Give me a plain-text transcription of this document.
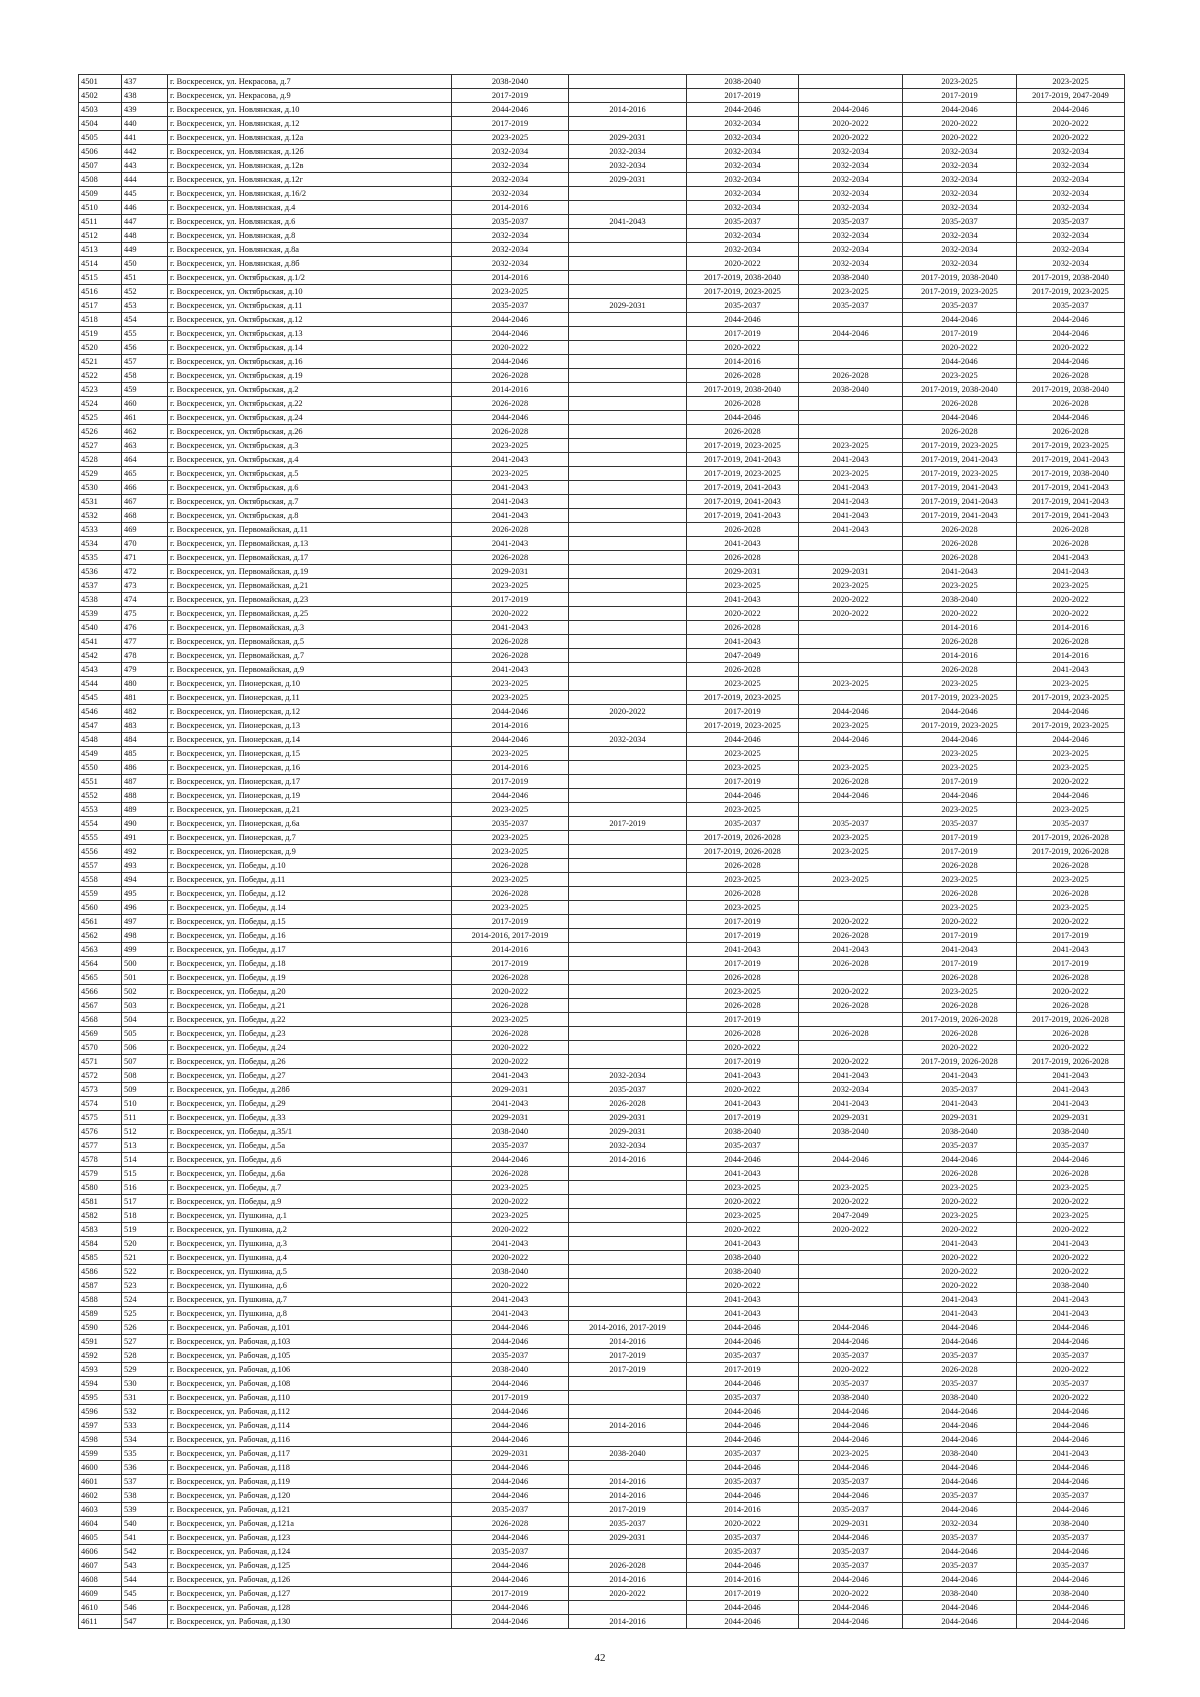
4501	437	г. Воскресенск, ул. Некрасова, д.7	2038-2040		2038-2040		2023-2025	2023-2025
4502	438	г. Воскресенск, ул. Некрасова, д.9	2017-2019		2017-2019		2017-2019	2017-2019, 2047-2049
4503	439	г. Воскресенск, ул. Новлянская, д.10	2044-2046	2014-2016	2044-2046	2044-2046	2044-2046	2044-2046
4504	440	г. Воскресенск, ул. Новлянская, д.12	2017-2019		2032-2034	2020-2022	2020-2022	2020-2022
4505	441	г. Воскресенск, ул. Новлянская, д.12а	2023-2025	2029-2031	2032-2034	2020-2022	2020-2022	2020-2022
4506	442	г. Воскресенск, ул. Новлянская, д.12б	2032-2034	2032-2034	2032-2034	2032-2034	2032-2034	2032-2034
4507	443	г. Воскресенск, ул. Новлянская, д.12в	2032-2034	2032-2034	2032-2034	2032-2034	2032-2034	2032-2034
4508	444	г. Воскресенск, ул. Новлянская, д.12г	2032-2034	2029-2031	2032-2034	2032-2034	2032-2034	2032-2034
4509	445	г. Воскресенск, ул. Новлянская, д.16/2	2032-2034		2032-2034	2032-2034	2032-2034	2032-2034
4510	446	г. Воскресенск, ул. Новлянская, д.4	2014-2016		2032-2034	2032-2034	2032-2034	2032-2034
4511	447	г. Воскресенск, ул. Новлянская, д.6	2035-2037	2041-2043	2035-2037	2035-2037	2035-2037	2035-2037
4512	448	г. Воскресенск, ул. Новлянская, д.8	2032-2034		2032-2034	2032-2034	2032-2034	2032-2034
4513	449	г. Воскресенск, ул. Новлянская, д.8а	2032-2034		2032-2034	2032-2034	2032-2034	2032-2034
4514	450	г. Воскресенск, ул. Новлянская, д.8б	2032-2034		2020-2022	2032-2034	2032-2034	2032-2034
4515	451	г. Воскресенск, ул. Октябрьская, д.1/2	2014-2016		2017-2019, 2038-2040	2038-2040	2017-2019, 2038-2040	2017-2019, 2038-2040
4516	452	г. Воскресенск, ул. Октябрьская, д.10	2023-2025		2017-2019, 2023-2025	2023-2025	2017-2019, 2023-2025	2017-2019, 2023-2025
4517	453	г. Воскресенск, ул. Октябрьская, д.11	2035-2037	2029-2031	2035-2037	2035-2037	2035-2037	2035-2037
4518	454	г. Воскресенск, ул. Октябрьская, д.12	2044-2046		2044-2046		2044-2046	2044-2046
4519	455	г. Воскресенск, ул. Октябрьская, д.13	2044-2046		2017-2019	2044-2046	2017-2019	2044-2046
4520	456	г. Воскресенск, ул. Октябрьская, д.14	2020-2022		2020-2022		2020-2022	2020-2022
4521	457	г. Воскресенск, ул. Октябрьская, д.16	2044-2046		2014-2016		2044-2046	2044-2046
4522	458	г. Воскресенск, ул. Октябрьская, д.19	2026-2028		2026-2028	2026-2028	2023-2025	2026-2028
4523	459	г. Воскресенск, ул. Октябрьская, д.2	2014-2016		2017-2019, 2038-2040	2038-2040	2017-2019, 2038-2040	2017-2019, 2038-2040
4524	460	г. Воскресенск, ул. Октябрьская, д.22	2026-2028		2026-2028		2026-2028	2026-2028
4525	461	г. Воскресенск, ул. Октябрьская, д.24	2044-2046		2044-2046		2044-2046	2044-2046
4526	462	г. Воскресенск, ул. Октябрьская, д.26	2026-2028		2026-2028		2026-2028	2026-2028
4527	463	г. Воскресенск, ул. Октябрьская, д.3	2023-2025		2017-2019, 2023-2025	2023-2025	2017-2019, 2023-2025	2017-2019, 2023-2025
4528	464	г. Воскресенск, ул. Октябрьская, д.4	2041-2043		2017-2019, 2041-2043	2041-2043	2017-2019, 2041-2043	2017-2019, 2041-2043
4529	465	г. Воскресенск, ул. Октябрьская, д.5	2023-2025		2017-2019, 2023-2025	2023-2025	2017-2019, 2023-2025	2017-2019, 2038-2040
4530	466	г. Воскресенск, ул. Октябрьская, д.6	2041-2043		2017-2019, 2041-2043	2041-2043	2017-2019, 2041-2043	2017-2019, 2041-2043
4531	467	г. Воскресенск, ул. Октябрьская, д.7	2041-2043		2017-2019, 2041-2043	2041-2043	2017-2019, 2041-2043	2017-2019, 2041-2043
4532	468	г. Воскресенск, ул. Октябрьская, д.8	2041-2043		2017-2019, 2041-2043	2041-2043	2017-2019, 2041-2043	2017-2019, 2041-2043
4533	469	г. Воскресенск, ул. Первомайская, д.11	2026-2028		2026-2028	2041-2043	2026-2028	2026-2028
4534	470	г. Воскресенск, ул. Первомайская, д.13	2041-2043		2041-2043		2026-2028	2026-2028
4535	471	г. Воскресенск, ул. Первомайская, д.17	2026-2028		2026-2028		2026-2028	2041-2043
4536	472	г. Воскресенск, ул. Первомайская, д.19	2029-2031		2029-2031	2029-2031	2041-2043	2041-2043
4537	473	г. Воскресенск, ул. Первомайская, д.21	2023-2025		2023-2025	2023-2025	2023-2025	2023-2025
4538	474	г. Воскресенск, ул. Первомайская, д.23	2017-2019		2041-2043	2020-2022	2038-2040	2020-2022
4539	475	г. Воскресенск, ул. Первомайская, д.25	2020-2022		2020-2022	2020-2022	2020-2022	2020-2022
4540	476	г. Воскресенск, ул. Первомайская, д.3	2041-2043		2026-2028		2014-2016	2014-2016
4541	477	г. Воскресенск, ул. Первомайская, д.5	2026-2028		2041-2043		2026-2028	2026-2028
4542	478	г. Воскресенск, ул. Первомайская, д.7	2026-2028		2047-2049		2014-2016	2014-2016
4543	479	г. Воскресенск, ул. Первомайская, д.9	2041-2043		2026-2028		2026-2028	2041-2043
4544	480	г. Воскресенск, ул. Пионерская, д.10	2023-2025		2023-2025	2023-2025	2023-2025	2023-2025
4545	481	г. Воскресенск, ул. Пионерская, д.11	2023-2025		2017-2019, 2023-2025		2017-2019, 2023-2025	2017-2019, 2023-2025
4546	482	г. Воскресенск, ул. Пионерская, д.12	2044-2046	2020-2022	2017-2019	2044-2046	2044-2046	2044-2046
4547	483	г. Воскресенск, ул. Пионерская, д.13	2014-2016		2017-2019, 2023-2025	2023-2025	2017-2019, 2023-2025	2017-2019, 2023-2025
4548	484	г. Воскресенск, ул. Пионерская, д.14	2044-2046	2032-2034	2044-2046	2044-2046	2044-2046	2044-2046
4549	485	г. Воскресенск, ул. Пионерская, д.15	2023-2025		2023-2025		2023-2025	2023-2025
4550	486	г. Воскресенск, ул. Пионерская, д.16	2014-2016		2023-2025	2023-2025	2023-2025	2023-2025
4551	487	г. Воскресенск, ул. Пионерская, д.17	2017-2019		2017-2019	2026-2028	2017-2019	2020-2022
4552	488	г. Воскресенск, ул. Пионерская, д.19	2044-2046		2044-2046	2044-2046	2044-2046	2044-2046
4553	489	г. Воскресенск, ул. Пионерская, д.21	2023-2025		2023-2025		2023-2025	2023-2025
4554	490	г. Воскресенск, ул. Пионерская, д.6а	2035-2037	2017-2019	2035-2037	2035-2037	2035-2037	2035-2037
4555	491	г. Воскресенск, ул. Пионерская, д.7	2023-2025		2017-2019, 2026-2028	2023-2025	2017-2019	2017-2019, 2026-2028
4556	492	г. Воскресенск, ул. Пионерская, д.9	2023-2025		2017-2019, 2026-2028	2023-2025	2017-2019	2017-2019, 2026-2028
4557	493	г. Воскресенск, ул. Победы, д.10	2026-2028		2026-2028		2026-2028	2026-2028
4558	494	г. Воскресенск, ул. Победы, д.11	2023-2025		2023-2025	2023-2025	2023-2025	2023-2025
4559	495	г. Воскресенск, ул. Победы, д.12	2026-2028		2026-2028		2026-2028	2026-2028
4560	496	г. Воскресенск, ул. Победы, д.14	2023-2025		2023-2025		2023-2025	2023-2025
4561	497	г. Воскресенск, ул. Победы, д.15	2017-2019		2017-2019	2020-2022	2020-2022	2020-2022
4562	498	г. Воскресенск, ул. Победы, д.16	2014-2016, 2017-2019		2017-2019	2026-2028	2017-2019	2017-2019
4563	499	г. Воскресенск, ул. Победы, д.17	2014-2016		2041-2043	2041-2043	2041-2043	2041-2043
4564	500	г. Воскресенск, ул. Победы, д.18	2017-2019		2017-2019	2026-2028	2017-2019	2017-2019
4565	501	г. Воскресенск, ул. Победы, д.19	2026-2028		2026-2028		2026-2028	2026-2028
4566	502	г. Воскресенск, ул. Победы, д.20	2020-2022		2023-2025	2020-2022	2023-2025	2020-2022
4567	503	г. Воскресенск, ул. Победы, д.21	2026-2028		2026-2028	2026-2028	2026-2028	2026-2028
4568	504	г. Воскресенск, ул. Победы, д.22	2023-2025		2017-2019		2017-2019, 2026-2028	2017-2019, 2026-2028
4569	505	г. Воскресенск, ул. Победы, д.23	2026-2028		2026-2028	2026-2028	2026-2028	2026-2028
4570	506	г. Воскресенск, ул. Победы, д.24	2020-2022		2020-2022		2020-2022	2020-2022
4571	507	г. Воскресенск, ул. Победы, д.26	2020-2022		2017-2019	2020-2022	2017-2019, 2026-2028	2017-2019, 2026-2028
4572	508	г. Воскресенск, ул. Победы, д.27	2041-2043	2032-2034	2041-2043	2041-2043	2041-2043	2041-2043
4573	509	г. Воскресенск, ул. Победы, д.28б	2029-2031	2035-2037	2020-2022	2032-2034	2035-2037	2041-2043
4574	510	г. Воскресенск, ул. Победы, д.29	2041-2043	2026-2028	2041-2043	2041-2043	2041-2043	2041-2043
4575	511	г. Воскресенск, ул. Победы, д.33	2029-2031	2029-2031	2017-2019	2029-2031	2029-2031	2029-2031
4576	512	г. Воскресенск, ул. Победы, д.35/1	2038-2040	2029-2031	2038-2040	2038-2040	2038-2040	2038-2040
4577	513	г. Воскресенск, ул. Победы, д.5а	2035-2037	2032-2034	2035-2037		2035-2037	2035-2037
4578	514	г. Воскресенск, ул. Победы, д.6	2044-2046	2014-2016	2044-2046	2044-2046	2044-2046	2044-2046
4579	515	г. Воскресенск, ул. Победы, д.6а	2026-2028		2041-2043		2026-2028	2026-2028
4580	516	г. Воскресенск, ул. Победы, д.7	2023-2025		2023-2025	2023-2025	2023-2025	2023-2025
4581	517	г. Воскресенск, ул. Победы, д.9	2020-2022		2020-2022	2020-2022	2020-2022	2020-2022
4582	518	г. Воскресенск, ул. Пушкина, д.1	2023-2025		2023-2025	2047-2049	2023-2025	2023-2025
4583	519	г. Воскресенск, ул. Пушкина, д.2	2020-2022		2020-2022	2020-2022	2020-2022	2020-2022
4584	520	г. Воскресенск, ул. Пушкина, д.3	2041-2043		2041-2043		2041-2043	2041-2043
4585	521	г. Воскресенск, ул. Пушкина, д.4	2020-2022		2038-2040		2020-2022	2020-2022
4586	522	г. Воскресенск, ул. Пушкина, д.5	2038-2040		2038-2040		2020-2022	2020-2022
4587	523	г. Воскресенск, ул. Пушкина, д.6	2020-2022		2020-2022		2020-2022	2038-2040
4588	524	г. Воскресенск, ул. Пушкина, д.7	2041-2043		2041-2043		2041-2043	2041-2043
4589	525	г. Воскресенск, ул. Пушкина, д.8	2041-2043		2041-2043		2041-2043	2041-2043
4590	526	г. Воскресенск, ул. Рабочая, д.101	2044-2046	2014-2016, 2017-2019	2044-2046	2044-2046	2044-2046	2044-2046
4591	527	г. Воскресенск, ул. Рабочая, д.103	2044-2046	2014-2016	2044-2046	2044-2046	2044-2046	2044-2046
4592	528	г. Воскресенск, ул. Рабочая, д.105	2035-2037	2017-2019	2035-2037	2035-2037	2035-2037	2035-2037
4593	529	г. Воскресенск, ул. Рабочая, д.106	2038-2040	2017-2019	2017-2019	2020-2022	2026-2028	2020-2022
4594	530	г. Воскресенск, ул. Рабочая, д.108	2044-2046		2044-2046	2035-2037	2035-2037	2035-2037
4595	531	г. Воскресенск, ул. Рабочая, д.110	2017-2019		2035-2037	2038-2040	2038-2040	2020-2022
4596	532	г. Воскресенск, ул. Рабочая, д.112	2044-2046		2044-2046	2044-2046	2044-2046	2044-2046
4597	533	г. Воскресенск, ул. Рабочая, д.114	2044-2046	2014-2016	2044-2046	2044-2046	2044-2046	2044-2046
4598	534	г. Воскресенск, ул. Рабочая, д.116	2044-2046		2044-2046	2044-2046	2044-2046	2044-2046
4599	535	г. Воскресенск, ул. Рабочая, д.117	2029-2031	2038-2040	2035-2037	2023-2025	2038-2040	2041-2043
4600	536	г. Воскресенск, ул. Рабочая, д.118	2044-2046		2044-2046	2044-2046	2044-2046	2044-2046
4601	537	г. Воскресенск, ул. Рабочая, д.119	2044-2046	2014-2016	2035-2037	2035-2037	2044-2046	2044-2046
4602	538	г. Воскресенск, ул. Рабочая, д.120	2044-2046	2014-2016	2044-2046	2044-2046	2035-2037	2035-2037
4603	539	г. Воскресенск, ул. Рабочая, д.121	2035-2037	2017-2019	2014-2016	2035-2037	2044-2046	2044-2046
4604	540	г. Воскресенск, ул. Рабочая, д.121а	2026-2028	2035-2037	2020-2022	2029-2031	2032-2034	2038-2040
4605	541	г. Воскресенск, ул. Рабочая, д.123	2044-2046	2029-2031	2035-2037	2044-2046	2035-2037	2035-2037
4606	542	г. Воскресенск, ул. Рабочая, д.124	2035-2037		2035-2037	2035-2037	2044-2046	2044-2046
4607	543	г. Воскресенск, ул. Рабочая, д.125	2044-2046	2026-2028	2044-2046	2035-2037	2035-2037	2035-2037
4608	544	г. Воскресенск, ул. Рабочая, д.126	2044-2046	2014-2016	2014-2016	2044-2046	2044-2046	2044-2046
4609	545	г. Воскресенск, ул. Рабочая, д.127	2017-2019	2020-2022	2017-2019	2020-2022	2038-2040	2038-2040
4610	546	г. Воскресенск, ул. Рабочая, д.128	2044-2046		2044-2046	2044-2046	2044-2046	2044-2046
4611	547	г. Воскресенск, ул. Рабочая, д.130	2044-2046	2014-2016	2044-2046	2044-2046	2044-2046	2044-2046
42
